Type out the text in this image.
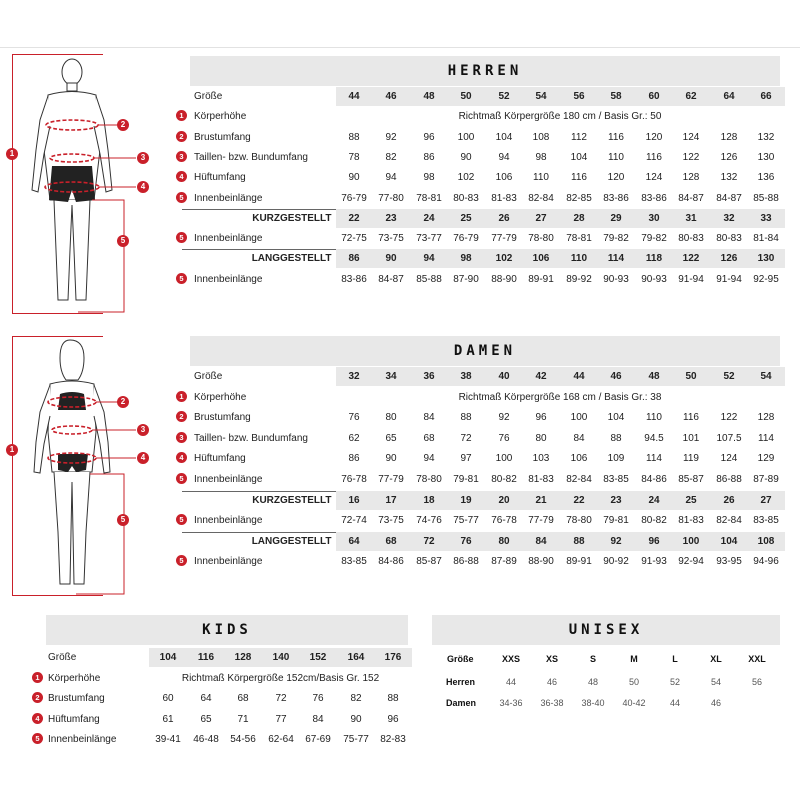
1
2
3
4
5
1
2
3
4
5
HERREN
Größe	44	46	48	50	52	54	56	58	60	62	64	66
1	Körperhöhe	Richtmaß Körpergröße 180 cm / Basis Gr.: 50
2	Brustumfang	88	92	96	100	104	108	112	116	120	124	128	132
3	Taillen- bzw. Bundumfang	78	82	86	90	94	98	104	110	116	122	126	130
4	Hüftumfang	90	94	98	102	106	110	116	120	124	128	132	136
5	Innenbeinlänge	76-79	77-80	78-81	80-83	81-83	82-84	82-85	83-86	83-86	84-87	84-87	85-88
KURZGESTELLT	22	23	24	25	26	27	28	29	30	31	32	33
5	Innenbeinlänge	72-75	73-75	73-77	76-79	77-79	78-80	78-81	79-82	79-82	80-83	80-83	81-84
LANGGESTELLT	86	90	94	98	102	106	110	114	118	122	126	130
5	Innenbeinlänge	83-86	84-87	85-88	87-90	88-90	89-91	89-92	90-93	90-93	91-94	91-94	92-95
DAMEN
Größe	32	34	36	38	40	42	44	46	48	50	52	54
1	Körperhöhe	Richtmaß Körpergröße 168 cm / Basis Gr.: 38
2	Brustumfang	76	80	84	88	92	96	100	104	110	116	122	128
3	Taillen- bzw. Bundumfang	62	65	68	72	76	80	84	88	94.5	101	107.5	114
4	Hüftumfang	86	90	94	97	100	103	106	109	114	119	124	129
5	Innenbeinlänge	76-78	77-79	78-80	79-81	80-82	81-83	82-84	83-85	84-86	85-87	86-88	87-89
KURZGESTELLT	16	17	18	19	20	21	22	23	24	25	26	27
5	Innenbeinlänge	72-74	73-75	74-76	75-77	76-78	77-79	78-80	79-81	80-82	81-83	82-84	83-85
LANGGESTELLT	64	68	72	76	80	84	88	92	96	100	104	108
5	Innenbeinlänge	83-85	84-86	85-87	86-88	87-89	88-90	89-91	90-92	91-93	92-94	93-95	94-96
KIDS
Größe	104	116	128	140	152	164	176
1 Körperhöhe	Richtmaß Körpergröße 152cm/Basis Gr. 152
2 Brustumfang	60	64	68	72	76	82	88
4 Hüftumfang	61	65	71	77	84	90	96
5 Innenbeinlänge	39-41	46-48	54-56	62-64	67-69	75-77	82-83
UNISEX
Größe	XXS	XS	S	M	L	XL	XXL
Herren	44	46	48	50	52	54	56
Damen	34-36	36-38	38-40	40-42	44	46
